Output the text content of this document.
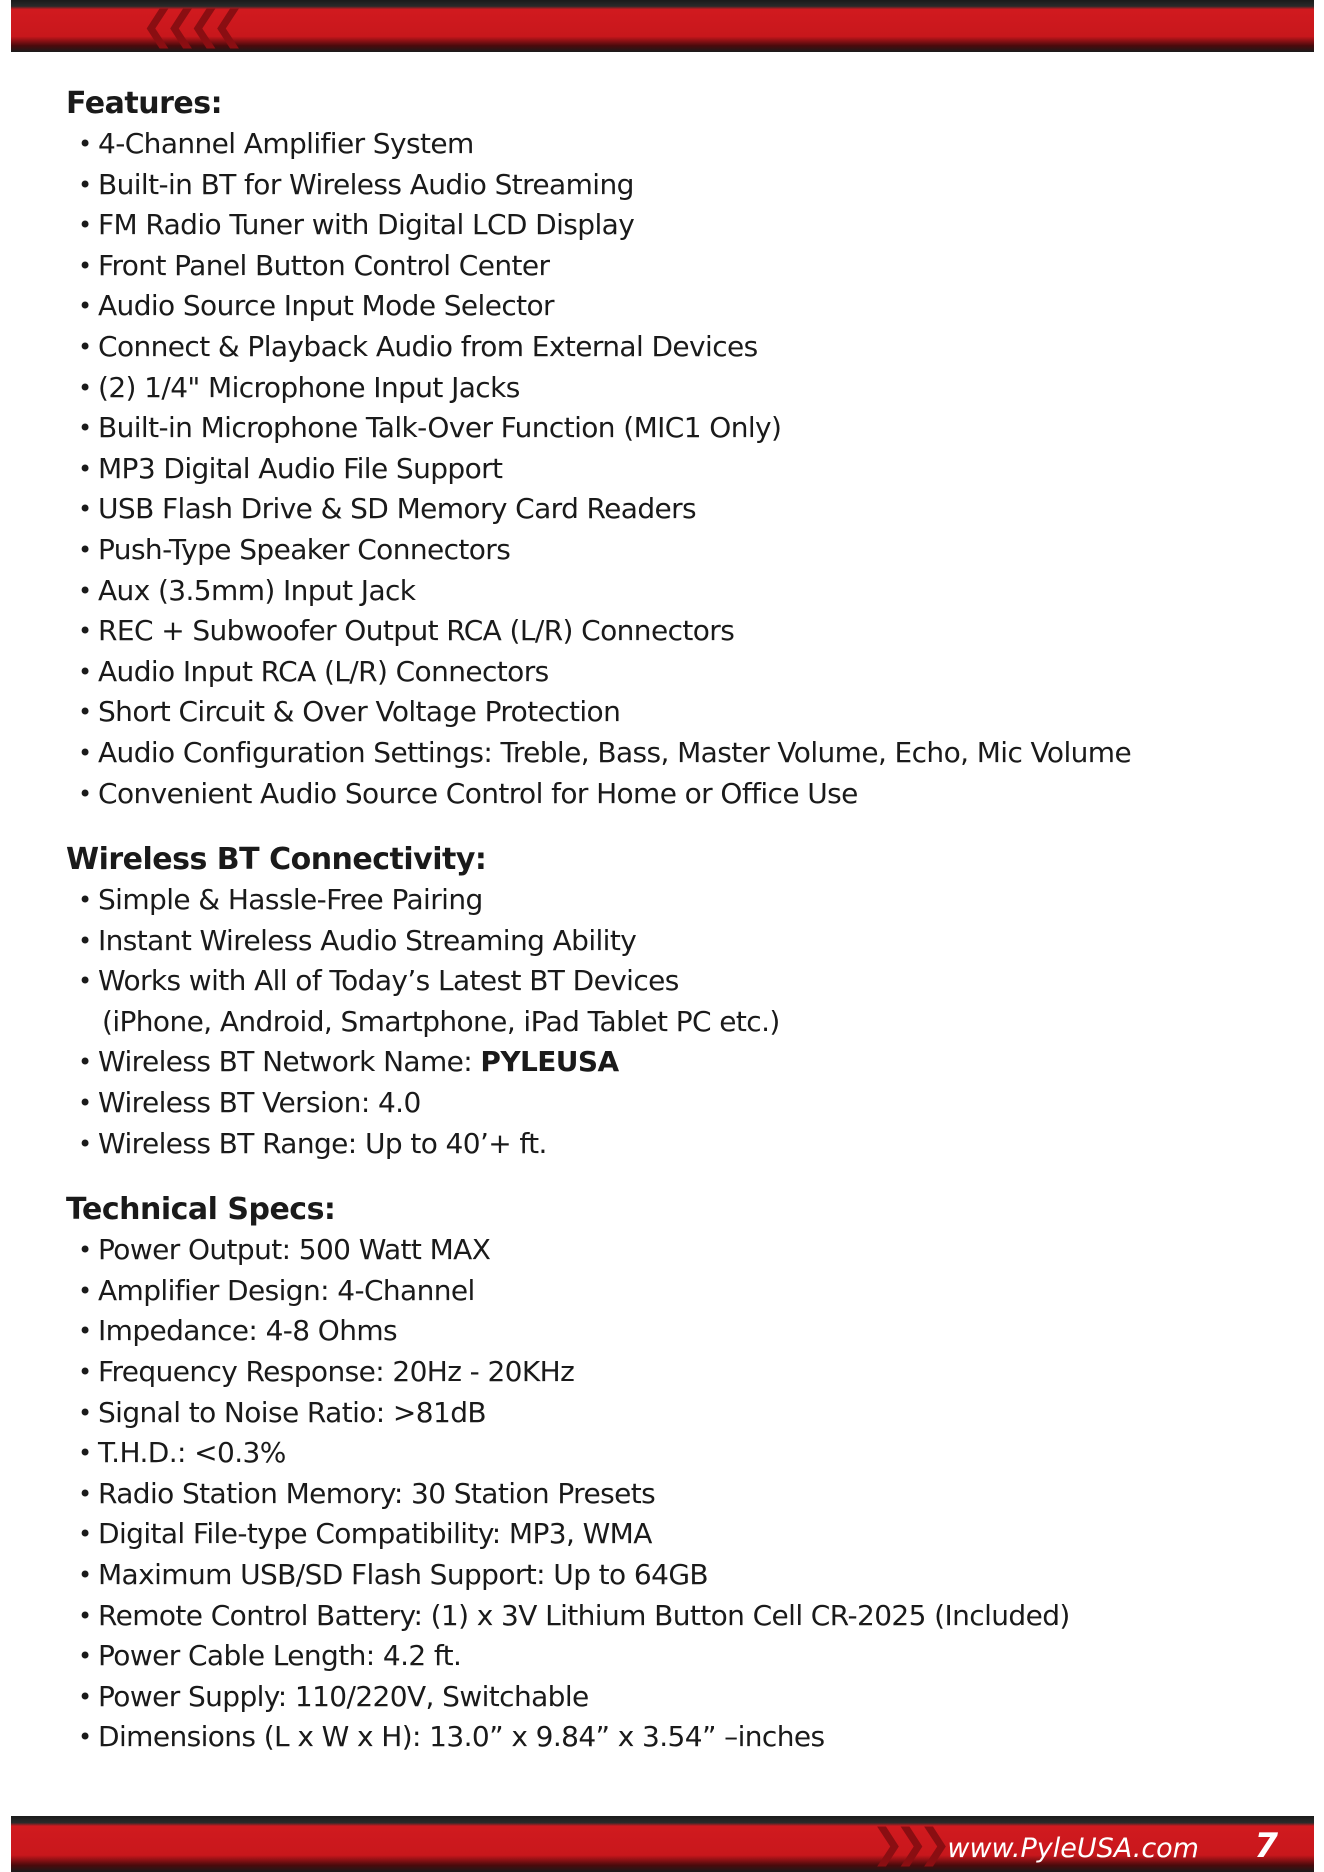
❮❮❮❮
Features:
• 4-Channel Amplifier System
• Built-in BT for Wireless Audio Streaming
• FM Radio Tuner with Digital LCD Display
• Front Panel Button Control Center
• Audio Source Input Mode Selector
• Connect & Playback Audio from External Devices
• (2) 1/4" Microphone Input Jacks
• Built-in Microphone Talk-Over Function (MIC1 Only)
• MP3 Digital Audio File Support
• USB Flash Drive & SD Memory Card Readers
• Push-Type Speaker Connectors
• Aux (3.5mm) Input Jack
• REC + Subwoofer Output RCA (L/R) Connectors
• Audio Input RCA (L/R) Connectors
• Short Circuit & Over Voltage Protection
• Audio Configuration Settings: Treble, Bass, Master Volume, Echo, Mic Volume
• Convenient Audio Source Control for Home or Office Use
Wireless BT Connectivity:
• Simple & Hassle-Free Pairing
• Instant Wireless Audio Streaming Ability
• Works with All of Today’s Latest BT Devices
(iPhone, Android, Smartphone, iPad Tablet PC etc.)
• Wireless BT Network Name: PYLEUSA
• Wireless BT Version: 4.0
• Wireless BT Range: Up to 40’+ ft.
Technical Specs:
• Power Output: 500 Watt MAX
• Amplifier Design: 4-Channel
• Impedance: 4-8 Ohms
• Frequency Response: 20Hz - 20KHz
• Signal to Noise Ratio: >81dB
• T.H.D.: <0.3%
• Radio Station Memory: 30 Station Presets
• Digital File-type Compatibility: MP3, WMA
• Maximum USB/SD Flash Support: Up to 64GB
• Remote Control Battery: (1) x 3V Lithium Button Cell CR-2025 (Included)
• Power Cable Length: 4.2 ft.
• Power Supply: 110/220V, Switchable
• Dimensions (L x W x H): 13.0” x 9.84” x 3.54” –inches
❯❯❯ www.PyleUSA.com 7
